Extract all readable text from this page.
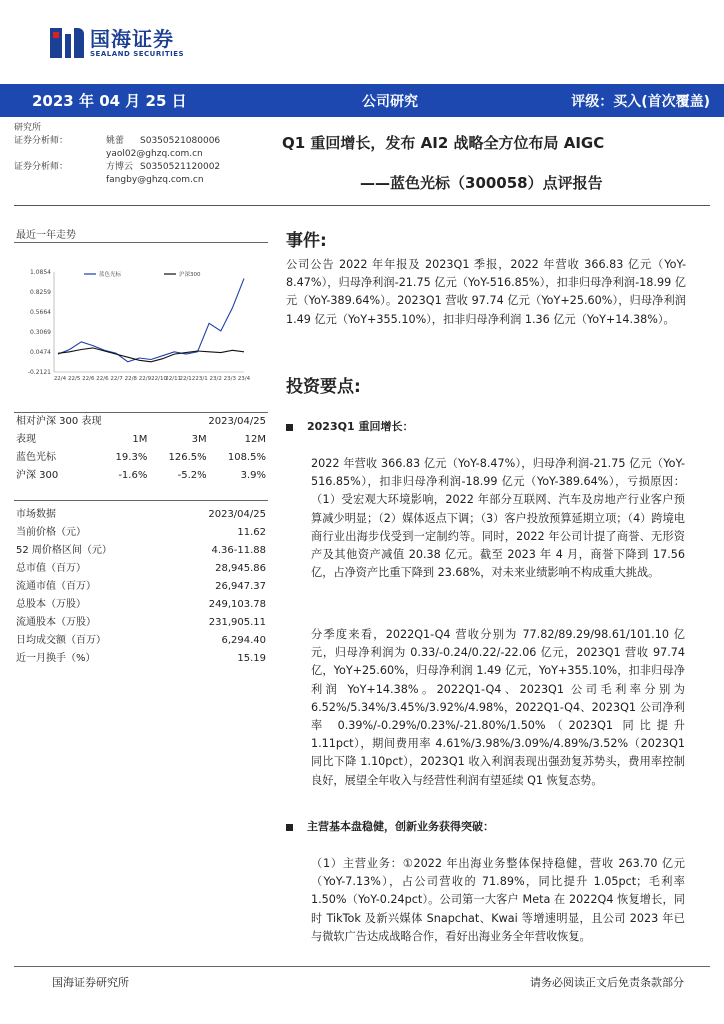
国海证券
SEALAND SECURITIES
2023 年 04 月 25 日	公司研究	评级：买入(首次覆盖)
研究所
证券分析师：	姚蕾	S0350521080006
yaol02@ghzq.com.cn
证券分析师：	方博云 S0350521120002
fangby@ghzq.com.cn
Q1 重回增长，发布 AI2 战略全方位布局 AIGC
——蓝色光标（300058）点评报告
最近一年走势
1.0854
0.8259
0.5664
0.3069
0.0474
-0.2121
22/4 22/5 22/6 22/6 22/7 22/8 22/9 22/10
22/11
22/12 23/1 23/2 23/3 23/4
蓝色光标	沪深300
相对沪深 300 表现	2023/04/25
表现	1M	3M	12M
蓝色光标	19.3%	126.5%	108.5%
沪深 300	-1.6%	-5.2%	3.9%
市场数据	2023/04/25
当前价格（元）	11.62
52 周价格区间（元）	4.36-11.88
总市值（百万）	28,945.86
流通市值（百万）	26,947.37
总股本（万股）	249,103.78
流通股本（万股）	231,905.11
日均成交额（百万）	6,294.40
近一月换手（%）	15.19
事件:
公司公告 2022 年年报及 2023Q1 季报，2022 年营收 366.83 亿元（YoY-8.47%），归母净利润-21.75 亿元（YoY-516.85%），扣非归母净利润-18.99 亿元（YoY-389.64%）。2023Q1 营收 97.74 亿元（YoY+25.60%），归母净利润 1.49 亿元（YoY+355.10%），扣非归母净利润 1.36 亿元（YoY+14.38%）。
投资要点:
2023Q1 重回增长：
2022 年营收 366.83 亿元（YoY-8.47%），归母净利润-21.75 亿元（YoY-516.85%），扣非归母净利润-18.99 亿元（YoY-389.64%），亏损原因：（1）受宏观大环境影响，2022 年部分互联网、汽车及房地产行业客户预算减少明显；（2）媒体返点下调；（3）客户投放预算延期立项；（4）跨境电商行业出海步伐受到一定制约等。同时，2022 年公司计提了商誉、无形资产及其他资产减值 20.38 亿元。截至 2023 年 4 月，商誉下降到 17.56 亿，占净资产比重下降到 23.68%，对未来业绩影响不构成重大挑战。
分季度来看，2022Q1-Q4 营收分别为 77.82/89.29/98.61/101.10 亿元，归母净利润为 0.33/-0.24/0.22/-22.06 亿元，2023Q1 营收 97.74 亿，YoY+25.60%，归母净利润 1.49 亿元，YoY+355.10%，扣非归母净利润 YoY+14.38%。2022Q1-Q4、2023Q1 公司毛利率分别为 6.52%/5.34%/3.45%/3.92%/4.98%，2022Q1-Q4、2023Q1 公司净利率 0.39%/-0.29%/0.23%/-21.80%/1.50%（2023Q1 同比提升 1.11pct），期间费用率 4.61%/3.98%/3.09%/4.89%/3.52%（2023Q1 同比下降 1.10pct），2023Q1 收入利润表现出强劲复苏势头，费用率控制良好，展望全年收入与经营性利润有望延续 Q1 恢复态势。
主营基本盘稳健，创新业务获得突破：
（1）主营业务：①2022 年出海业务整体保持稳健，营收 263.70 亿元（YoY-7.13%），占公司营收的 71.89%，同比提升 1.05pct；毛利率 1.50%（YoY-0.24pct）。公司第一大客户 Meta 在 2022Q4 恢复增长，同时 TikTok 及新兴媒体 Snapchat、Kwai 等增速明显，且公司 2023 年已与微软广告达成战略合作，看好出海业务全年营收恢复。
国海证券研究所	请务必阅读正文后免责条款部分
